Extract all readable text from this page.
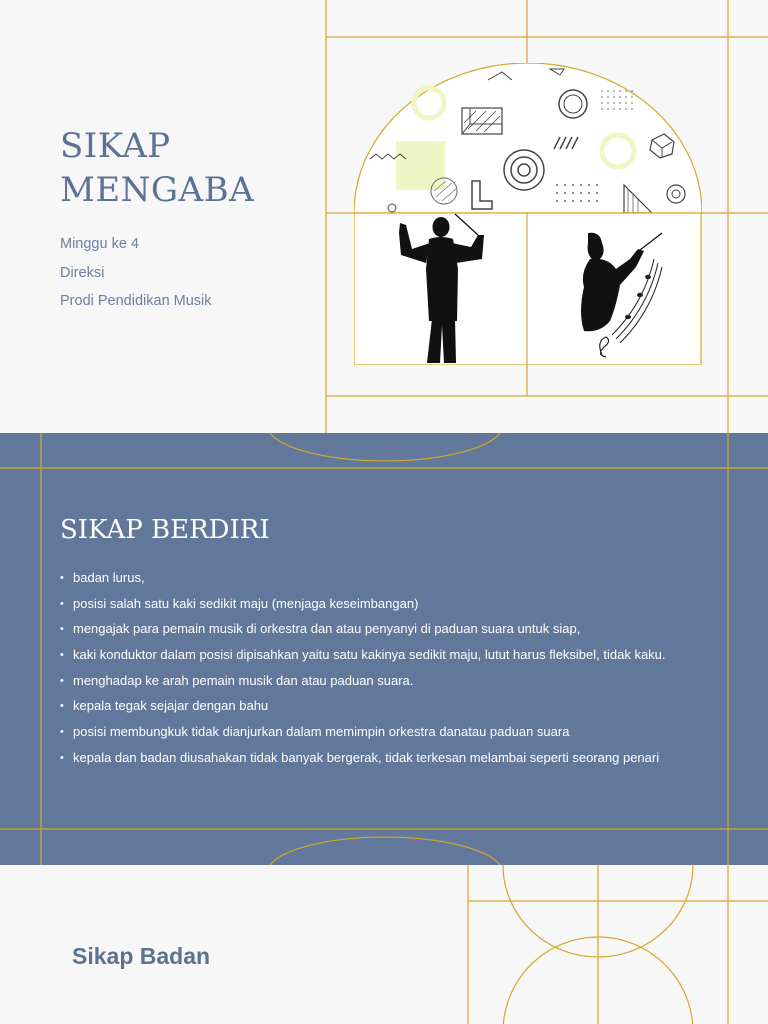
SIKAP
MENGABA
Minggu ke 4
Direksi
Prodi Pendidikan Musik
SIKAP BERDIRI
• badan lurus,
• posisi salah satu kaki sedikit maju (menjaga keseimbangan)
• mengajak para pemain musik di orkestra dan atau penyanyi di paduan suara untuk siap,
• kaki konduktor dalam posisi dipisahkan yaitu satu kakinya sedikit maju, lutut harus fleksibel, tidak kaku.
• menghadap ke arah pemain musik dan atau paduan suara.
• kepala tegak sejajar dengan bahu
• posisi membungkuk tidak dianjurkan dalam memimpin orkestra danatau paduan suara
• kepala dan badan diusahakan tidak banyak bergerak, tidak terkesan melambai seperti seorang penari
Sikap Badan
